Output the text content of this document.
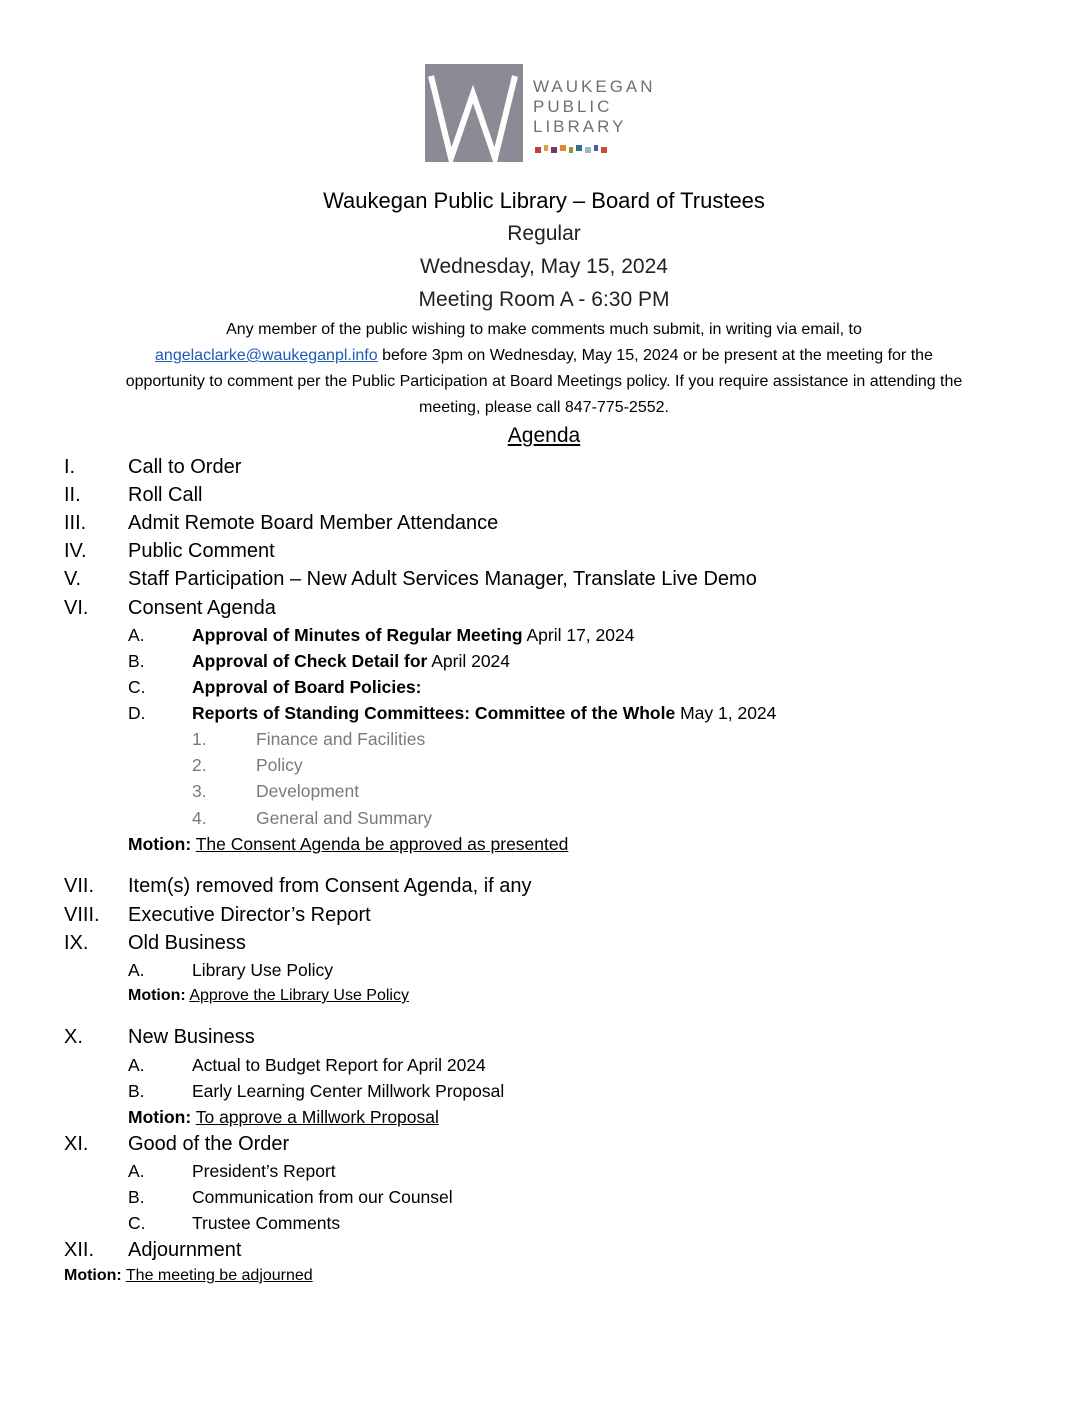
WAUKEGAN
PUBLIC
LIBRARY
Waukegan Public Library – Board of Trustees
Regular
Wednesday, May 15, 2024
Meeting Room A - 6:30 PM
Any member of the public wishing to make comments much submit, in writing via email, to
angelaclarke@waukeganpl.info before 3pm on Wednesday, May 15, 2024 or be present at the meeting for the
opportunity to comment per the Public Participation at Board Meetings policy. If you require assistance in attending the
meeting, please call 847-775-2552.
Agenda
I.	Call to Order
II. Roll Call
III. Admit Remote Board Member Attendance
IV. Public Comment
V. Staff Participation – New Adult Services Manager, Translate Live Demo
VI. Consent Agenda
A.	Approval of Minutes of Regular Meeting April 17, 2024
B.	Approval of Check Detail for April 2024
C.	Approval of Board Policies:
D.	Reports of Standing Committees: Committee of the Whole May 1, 2024
1.	Finance and Facilities
2.	Policy
3.	Development
4.	General and Summary
Motion: The Consent Agenda be approved as presented
VII. Item(s) removed from Consent Agenda, if any
VIII. Executive Director’s Report
IX. Old Business
A.	Library Use Policy
Motion: Approve the Library Use Policy
X. New Business
A.	Actual to Budget Report for April 2024
B.	Early Learning Center Millwork Proposal
Motion: To approve a Millwork Proposal
XI. Good of the Order
A.	President’s Report
B.	Communication from our Counsel
C.	Trustee Comments
XII. Adjournment
Motion: The meeting be adjourned
